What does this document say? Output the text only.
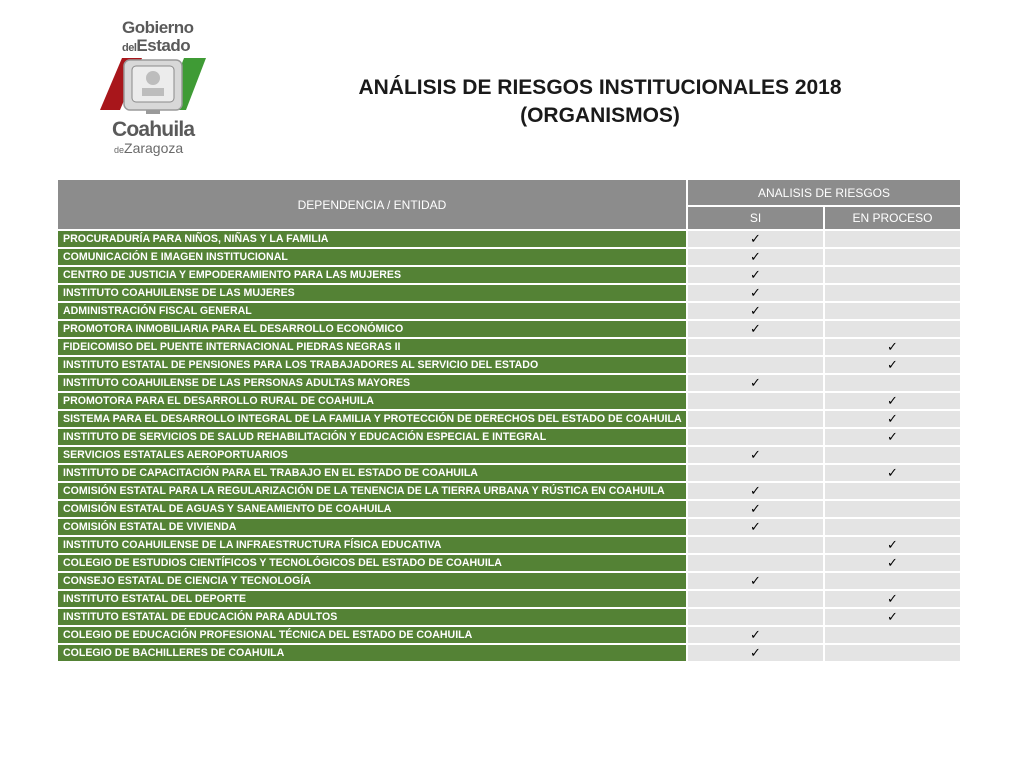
Gobierno
delEstado
Coahuila
deZaragoza
ANÁLISIS DE RIESGOS INSTITUCIONALES 2018
(ORGANISMOS)
DEPENDENCIA / ENTIDAD	ANALISIS DE RIESGOS	
	SI	EN PROCESO
PROCURADURÍA PARA NIÑOS, NIÑAS Y LA FAMILIA	✓	
COMUNICACIÓN E IMAGEN INSTITUCIONAL	✓	
CENTRO DE JUSTICIA Y EMPODERAMIENTO PARA LAS MUJERES	✓	
INSTITUTO COAHUILENSE DE LAS MUJERES	✓	
ADMINISTRACIÓN FISCAL GENERAL	✓	
PROMOTORA INMOBILIARIA PARA EL DESARROLLO ECONÓMICO	✓	
FIDEICOMISO DEL PUENTE INTERNACIONAL PIEDRAS NEGRAS II		✓
INSTITUTO ESTATAL DE PENSIONES PARA LOS TRABAJADORES AL SERVICIO DEL ESTADO		✓
INSTITUTO COAHUILENSE DE LAS PERSONAS ADULTAS MAYORES	✓	
PROMOTORA PARA EL DESARROLLO RURAL DE COAHUILA		✓
SISTEMA PARA EL DESARROLLO INTEGRAL DE LA FAMILIA Y PROTECCIÓN DE DERECHOS DEL ESTADO DE COAHUILA		✓
INSTITUTO DE SERVICIOS DE SALUD REHABILITACIÓN Y EDUCACIÓN ESPECIAL E INTEGRAL		✓
SERVICIOS ESTATALES AEROPORTUARIOS	✓	
INSTITUTO DE CAPACITACIÓN PARA EL TRABAJO EN EL ESTADO DE COAHUILA		✓
COMISIÓN ESTATAL PARA LA REGULARIZACIÓN DE LA TENENCIA DE LA TIERRA URBANA Y RÚSTICA EN COAHUILA	✓	
COMISIÓN ESTATAL DE AGUAS Y SANEAMIENTO DE COAHUILA	✓	
COMISIÓN ESTATAL DE VIVIENDA	✓	
INSTITUTO COAHUILENSE DE LA INFRAESTRUCTURA FÍSICA EDUCATIVA		✓
COLEGIO DE ESTUDIOS CIENTÍFICOS Y TECNOLÓGICOS DEL ESTADO DE COAHUILA		✓
CONSEJO ESTATAL DE CIENCIA Y TECNOLOGÍA	✓	
INSTITUTO ESTATAL DEL DEPORTE		✓
INSTITUTO ESTATAL DE EDUCACIÓN PARA ADULTOS		✓
COLEGIO DE EDUCACIÓN PROFESIONAL TÉCNICA DEL ESTADO DE COAHUILA	✓	
COLEGIO DE BACHILLERES DE COAHUILA	✓	
